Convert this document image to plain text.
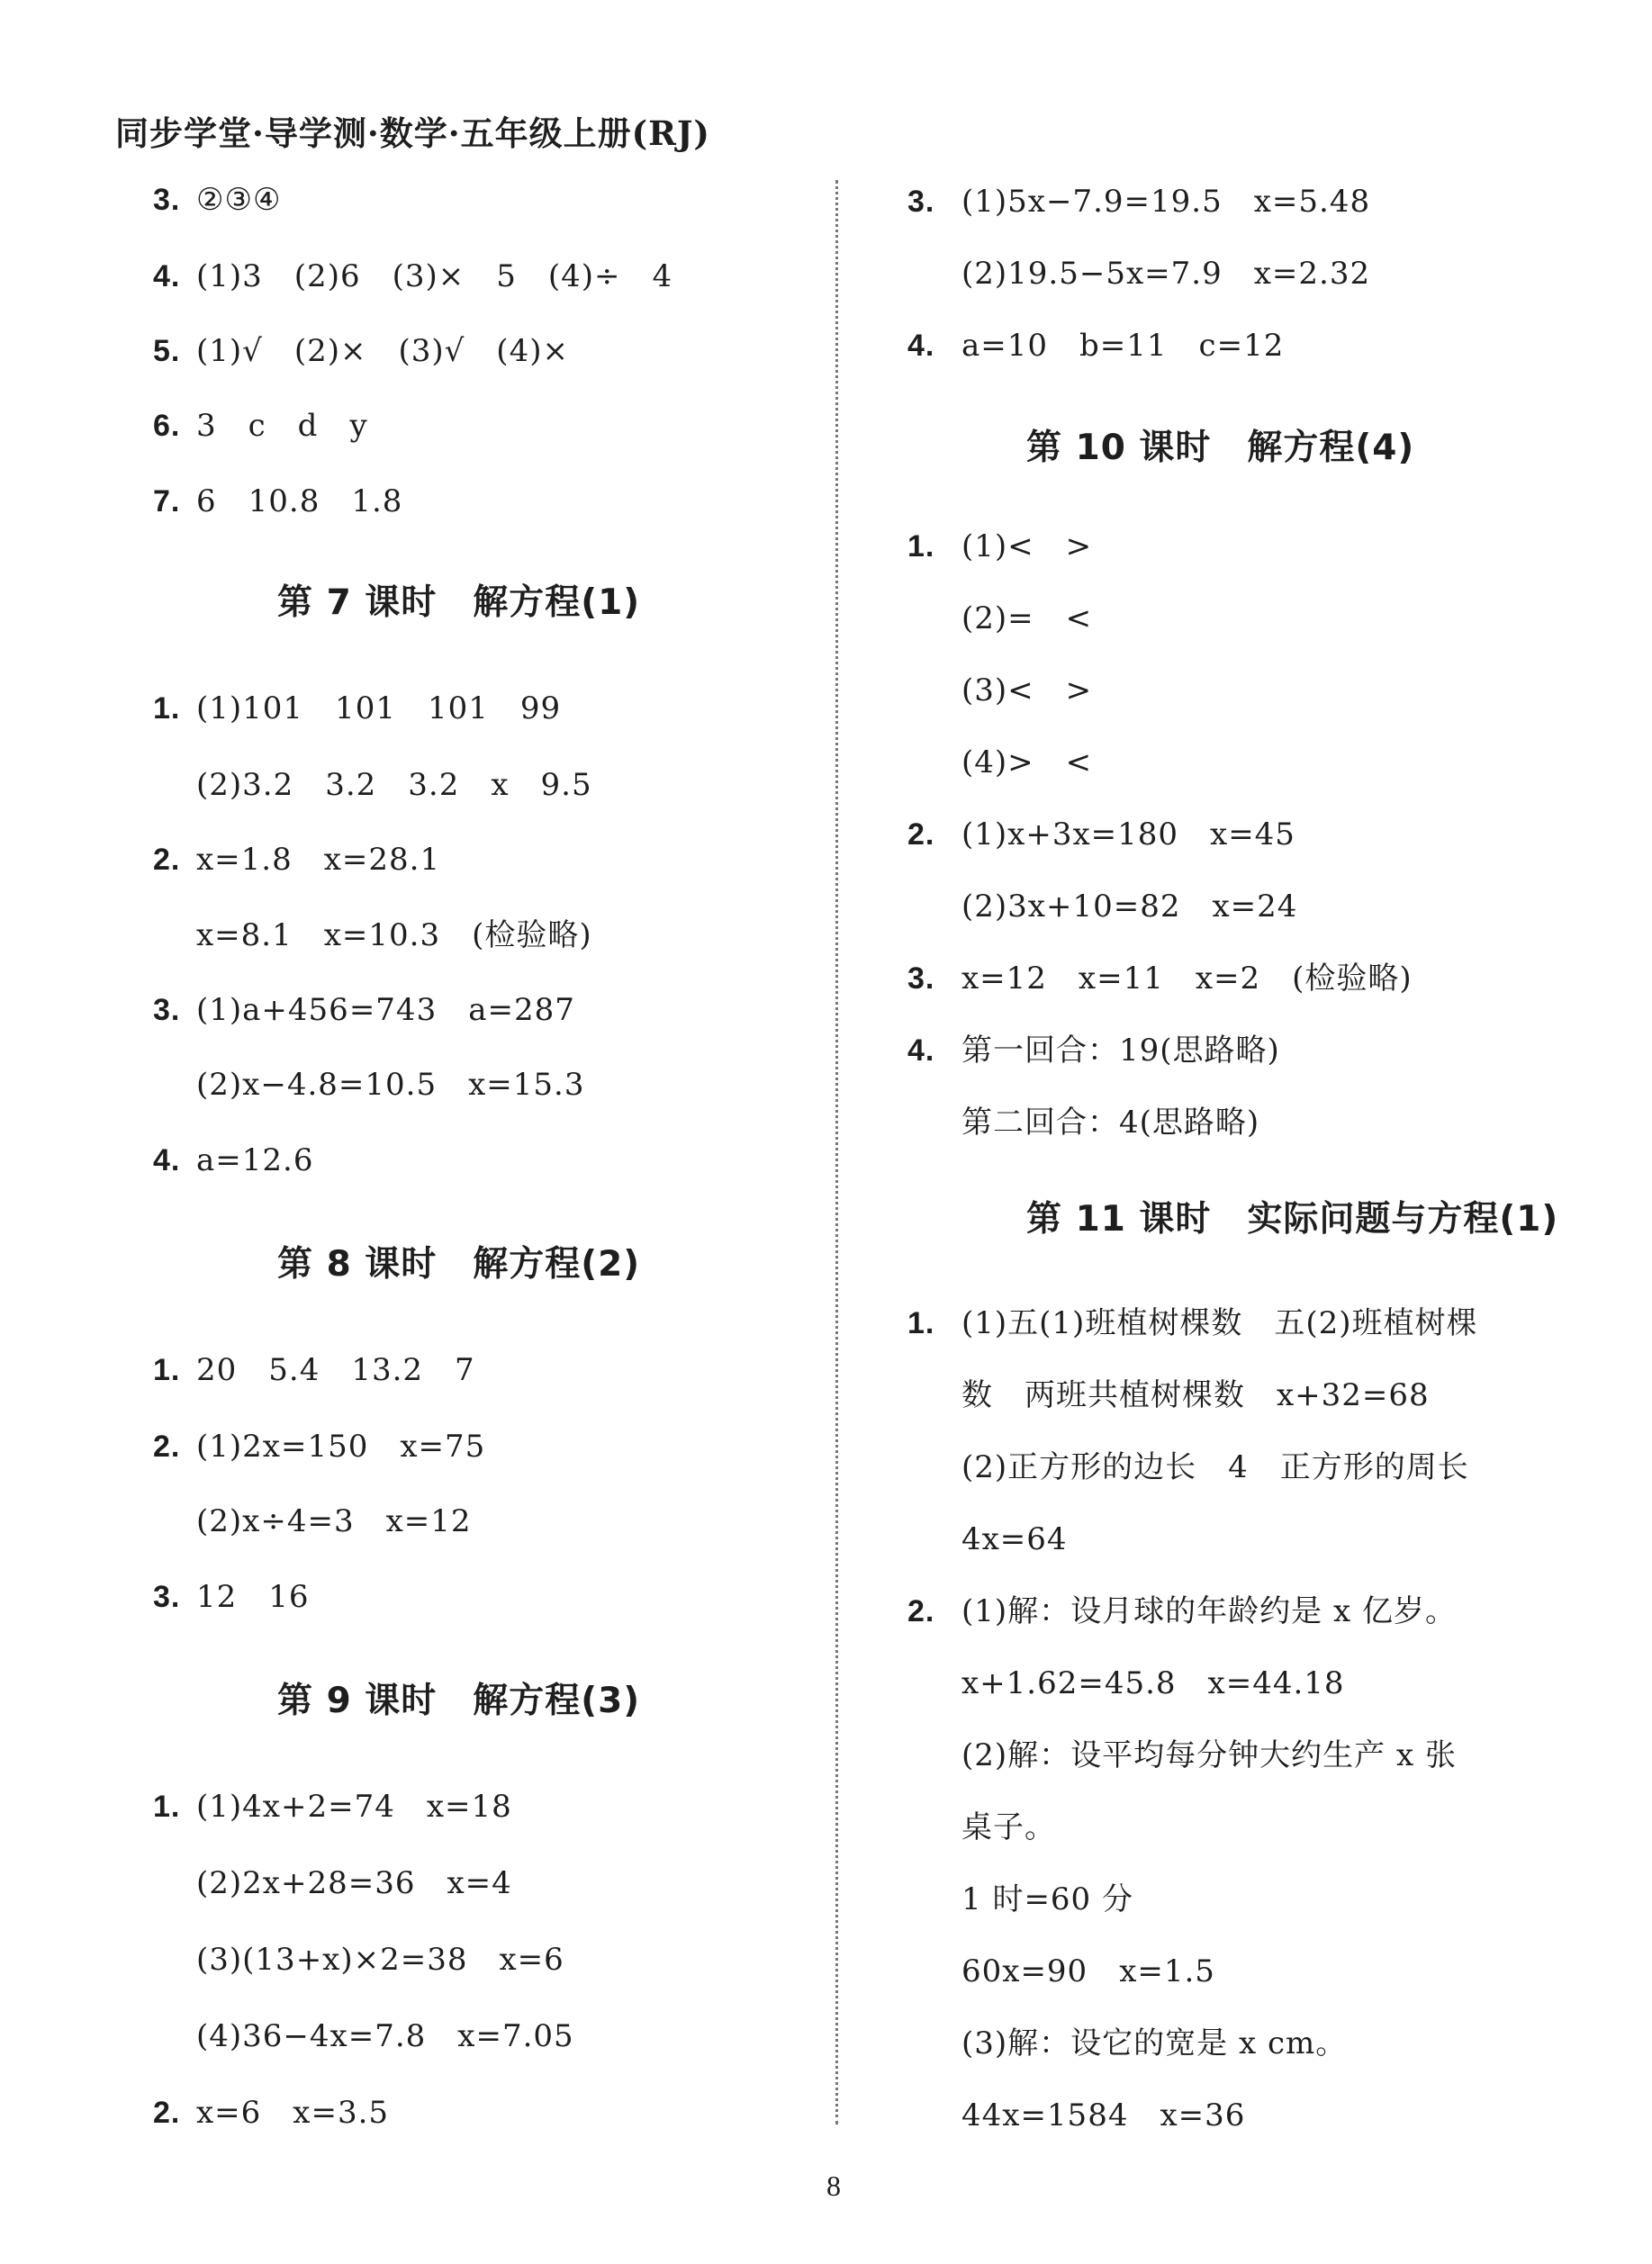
同步学堂·导学测·数学·五年级上册(RJ)
3. ②③④
4. (1)3　(2)6　(3)×　5　(4)÷　4
5. (1)√　(2)×　(3)√　(4)×
6. 3　c　d　y
7. 6　10.8　1.8
第 7 课时　解方程(1)
1. (1)101　101　101　99
(2)3.2　3.2　3.2　x　9.5
2. x=1.8　x=28.1
x=8.1　x=10.3　(检验略)
3. (1)a+456=743　a=287
(2)x−4.8=10.5　x=15.3
4. a=12.6
第 8 课时　解方程(2)
1. 20　5.4　13.2　7
2. (1)2x=150　x=75
(2)x÷4=3　x=12
3. 12　16
第 9 课时　解方程(3)
1. (1)4x+2=74　x=18
(2)2x+28=36　x=4
(3)(13+x)×2=38　x=6
(4)36−4x=7.8　x=7.05
2. x=6　x=3.5
3. (1)5x−7.9=19.5　x=5.48
(2)19.5−5x=7.9　x=2.32
4. a=10　b=11　c=12
第 10 课时　解方程(4)
1. (1)<　>
(2)=　<
(3)<　>
(4)>　<
2. (1)x+3x=180　x=45
(2)3x+10=82　x=24
3. x=12　x=11　x=2　(检验略)
4. 第一回合：19(思路略)
第二回合：4(思路略)
第 11 课时　实际问题与方程(1)
1. (1)五(1)班植树棵数　五(2)班植树棵
数　两班共植树棵数　x+32=68
(2)正方形的边长　4　正方形的周长
4x=64
2. (1)解：设月球的年龄约是 x 亿岁。
x+1.62=45.8　x=44.18
(2)解：设平均每分钟大约生产 x 张
桌子。
1 时=60 分
60x=90　x=1.5
(3)解：设它的宽是 x cm。
44x=1584　x=36
8
